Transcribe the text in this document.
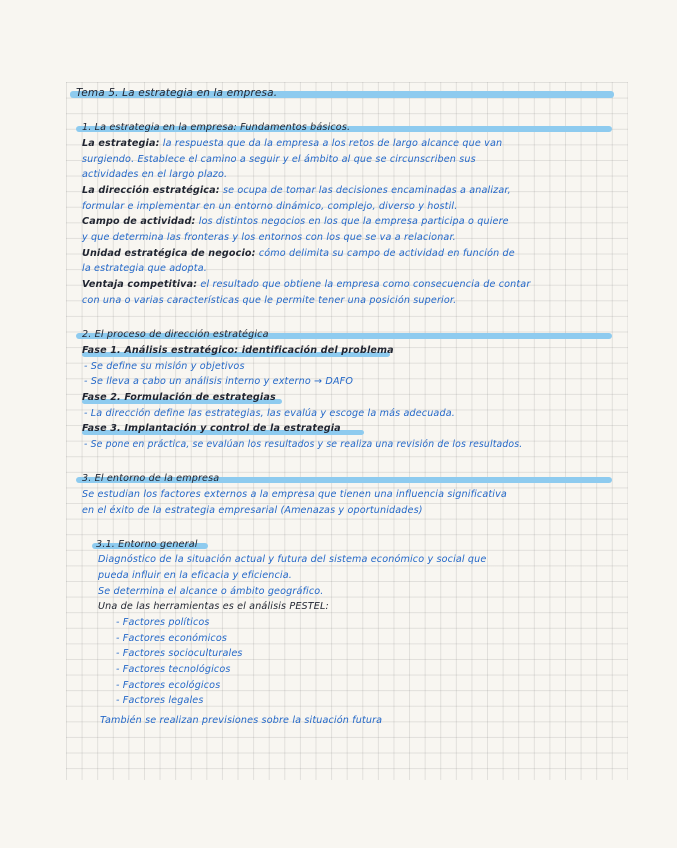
Tema 5. La estrategia en la empresa.
1. La estrategia en la empresa: Fundamentos básicos.
La estrategia: la respuesta que da la empresa a los retos de largo alcance que van
surgiendo. Establece el camino a seguir y el ámbito al que se circunscriben sus
actividades en el largo plazo.
La dirección estratégica: se ocupa de tomar las decisiones encaminadas a analizar,
formular e implementar en un entorno dinámico, complejo, diverso y hostil.
Campo de actividad: los distintos negocios en los que la empresa participa o quiere
y que determina las fronteras y los entornos con los que se va a relacionar.
Unidad estratégica de negocio: cómo delimita su campo de actividad en función de
la estrategia que adopta.
Ventaja competitiva: el resultado que obtiene la empresa como consecuencia de contar
con una o varias características que le permite tener una posición superior.
2. El proceso de dirección estratégica
Fase 1. Análisis estratégico: identificación del problema
- Se define su misión y objetivos
- Se lleva a cabo un análisis interno y externo → DAFO
Fase 2. Formulación de estrategias
- La dirección define las estrategias, las evalúa y escoge la más adecuada.
Fase 3. Implantación y control de la estrategia
- Se pone en práctica, se evalúan los resultados y se realiza una revisión de los resultados.
3. El entorno de la empresa
Se estudian los factores externos a la empresa que tienen una influencia significativa
en el éxito de la estrategia empresarial (Amenazas y oportunidades)
3.1. Entorno general
Diagnóstico de la situación actual y futura del sistema económico y social que
pueda influir en la eficacia y eficiencia.
Se determina el alcance o ámbito geográfico.
Una de las herramientas es el análisis PESTEL:
- Factores políticos
- Factores económicos
- Factores socioculturales
- Factores tecnológicos
- Factores ecológicos
- Factores legales
También se realizan previsiones sobre la situación futura
